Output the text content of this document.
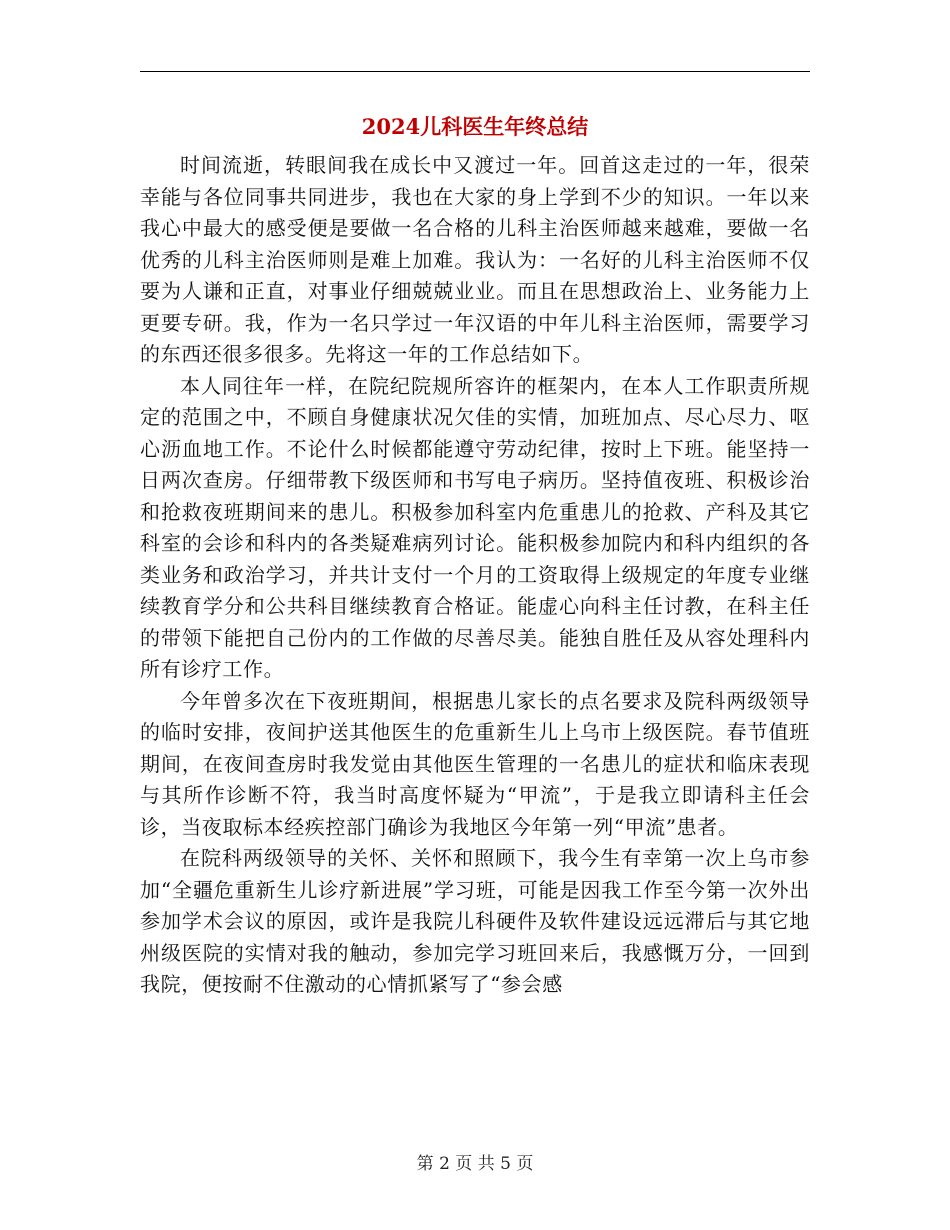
2024儿科医生年终总结

时间流逝，转眼间我在成长中又渡过一年。回首这走过的一年，很荣幸能与各位同事共同进步，我也在大家的身上学到不少的知识。一年以来我心中最大的感受便是要做一名合格的儿科主治医师越来越难，要做一名优秀的儿科主治医师则是难上加难。我认为：一名好的儿科主治医师不仅要为人谦和正直，对事业仔细兢兢业业。而且在思想政治上、业务能力上更要专研。我，作为一名只学过一年汉语的中年儿科主治医师，需要学习的东西还很多很多。先将这一年的工作总结如下。

本人同往年一样，在院纪院规所容许的框架内，在本人工作职责所规定的范围之中，不顾自身健康状况欠佳的实情，加班加点、尽心尽力、呕心沥血地工作。不论什么时候都能遵守劳动纪律，按时上下班。能坚持一日两次查房。仔细带教下级医师和书写电子病历。坚持值夜班、积极诊治和抢救夜班期间来的患儿。积极参加科室内危重患儿的抢救、产科及其它科室的会诊和科内的各类疑难病列讨论。能积极参加院内和科内组织的各类业务和政治学习，并共计支付一个月的工资取得上级规定的年度专业继续教育学分和公共科目继续教育合格证。能虚心向科主任讨教，在科主任的带领下能把自己份内的工作做的尽善尽美。能独自胜任及从容处理科内所有诊疗工作。

今年曾多次在下夜班期间，根据患儿家长的点名要求及院科两级领导的临时安排，夜间护送其他医生的危重新生儿上乌市上级医院。春节值班期间，在夜间查房时我发觉由其他医生管理的一名患儿的症状和临床表现与其所作诊断不符，我当时高度怀疑为“甲流”，于是我立即请科主任会诊，当夜取标本经疾控部门确诊为我地区今年第一列“甲流”患者。

在院科两级领导的关怀、关怀和照顾下，我今生有幸第一次上乌市参加“全疆危重新生儿诊疗新进展”学习班，可能是因我工作至今第一次外出参加学术会议的原因，或许是我院儿科硬件及软件建设远远滞后与其它地州级医院的实情对我的触动，参加完学习班回来后，我感慨万分，一回到我院，便按耐不住激动的心情抓紧写了“参会感

第 2 页 共 5 页
